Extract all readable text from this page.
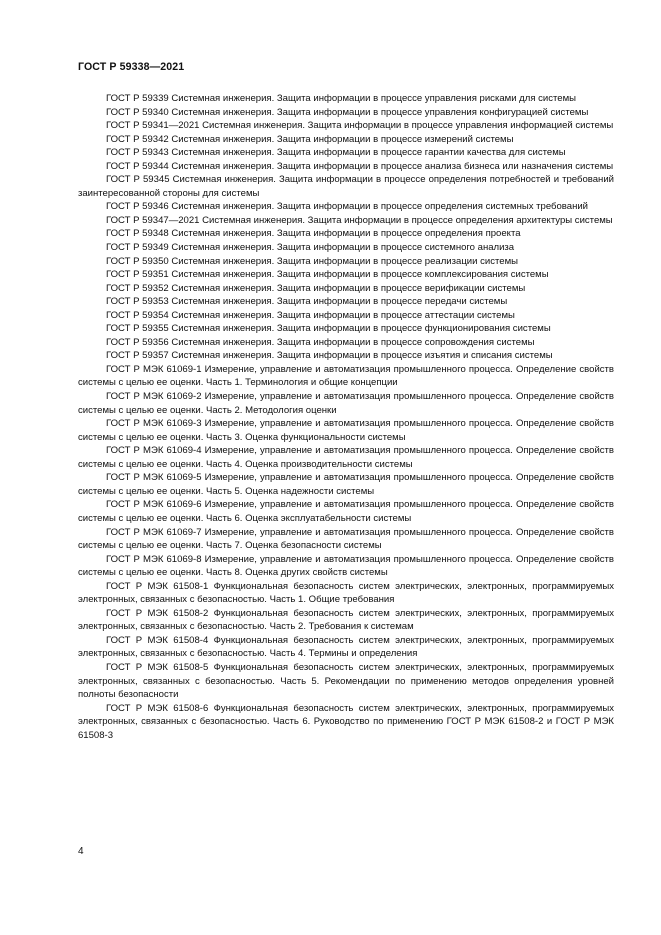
ГОСТ Р 59338—2021

ГОСТ Р 59339 Системная инженерия. Защита информации в процессе управления рисками для системы

ГОСТ Р 59340 Системная инженерия. Защита информации в процессе управления конфигурацией системы

ГОСТ Р 59341—2021 Системная инженерия. Защита информации в процессе управления информацией системы

ГОСТ Р 59342 Системная инженерия. Защита информации в процессе измерений системы

ГОСТ Р 59343 Системная инженерия. Защита информации в процессе гарантии качества для системы

ГОСТ Р 59344 Системная инженерия. Защита информации в процессе анализа бизнеса или назначения системы

ГОСТ Р 59345 Системная инженерия. Защита информации в процессе определения потребностей и требований заинтересованной стороны для системы

ГОСТ Р 59346 Системная инженерия. Защита информации в процессе определения системных требований

ГОСТ Р 59347—2021 Системная инженерия. Защита информации в процессе определения архитектуры системы

ГОСТ Р 59348 Системная инженерия. Защита информации в процессе определения проекта

ГОСТ Р 59349 Системная инженерия. Защита информации в процессе системного анализа

ГОСТ Р 59350 Системная инженерия. Защита информации в процессе реализации системы

ГОСТ Р 59351 Системная инженерия. Защита информации в процессе комплексирования системы

ГОСТ Р 59352 Системная инженерия. Защита информации в процессе верификации системы

ГОСТ Р 59353 Системная инженерия. Защита информации в процессе передачи системы

ГОСТ Р 59354 Системная инженерия. Защита информации в процессе аттестации системы

ГОСТ Р 59355 Системная инженерия. Защита информации в процессе функционирования системы

ГОСТ Р 59356 Системная инженерия. Защита информации в процессе сопровождения системы

ГОСТ Р 59357 Системная инженерия. Защита информации в процессе изъятия и списания системы

ГОСТ Р МЭК 61069-1 Измерение, управление и автоматизация промышленного процесса. Определение свойств системы с целью ее оценки. Часть 1. Терминология и общие концепции

ГОСТ Р МЭК 61069-2 Измерение, управление и автоматизация промышленного процесса. Определение свойств системы с целью ее оценки. Часть 2. Методология оценки

ГОСТ Р МЭК 61069-3 Измерение, управление и автоматизация промышленного процесса. Определение свойств системы с целью ее оценки. Часть 3. Оценка функциональности системы

ГОСТ Р МЭК 61069-4 Измерение, управление и автоматизация промышленного процесса. Определение свойств системы с целью ее оценки. Часть 4. Оценка производительности системы

ГОСТ Р МЭК 61069-5 Измерение, управление и автоматизация промышленного процесса. Определение свойств системы с целью ее оценки. Часть 5. Оценка надежности системы

ГОСТ Р МЭК 61069-6 Измерение, управление и автоматизация промышленного процесса. Определение свойств системы с целью ее оценки. Часть 6. Оценка эксплуатабельности системы

ГОСТ Р МЭК 61069-7 Измерение, управление и автоматизация промышленного процесса. Определение свойств системы с целью ее оценки. Часть 7. Оценка безопасности системы

ГОСТ Р МЭК 61069-8 Измерение, управление и автоматизация промышленного процесса. Определение свойств системы с целью ее оценки. Часть 8. Оценка других свойств системы

ГОСТ Р МЭК 61508-1 Функциональная безопасность систем электрических, электронных, программируемых электронных, связанных с безопасностью. Часть 1. Общие требования

ГОСТ Р МЭК 61508-2 Функциональная безопасность систем электрических, электронных, программируемых электронных, связанных с безопасностью. Часть 2. Требования к системам

ГОСТ Р МЭК 61508-4 Функциональная безопасность систем электрических, электронных, программируемых электронных, связанных с безопасностью. Часть 4. Термины и определения

ГОСТ Р МЭК 61508-5 Функциональная безопасность систем электрических, электронных, программируемых электронных, связанных с безопасностью. Часть 5. Рекомендации по применению методов определения уровней полноты безопасности

ГОСТ Р МЭК 61508-6 Функциональная безопасность систем электрических, электронных, программируемых электронных, связанных с безопасностью. Часть 6. Руководство по применению ГОСТ Р МЭК 61508-2 и ГОСТ Р МЭК 61508-3

4
